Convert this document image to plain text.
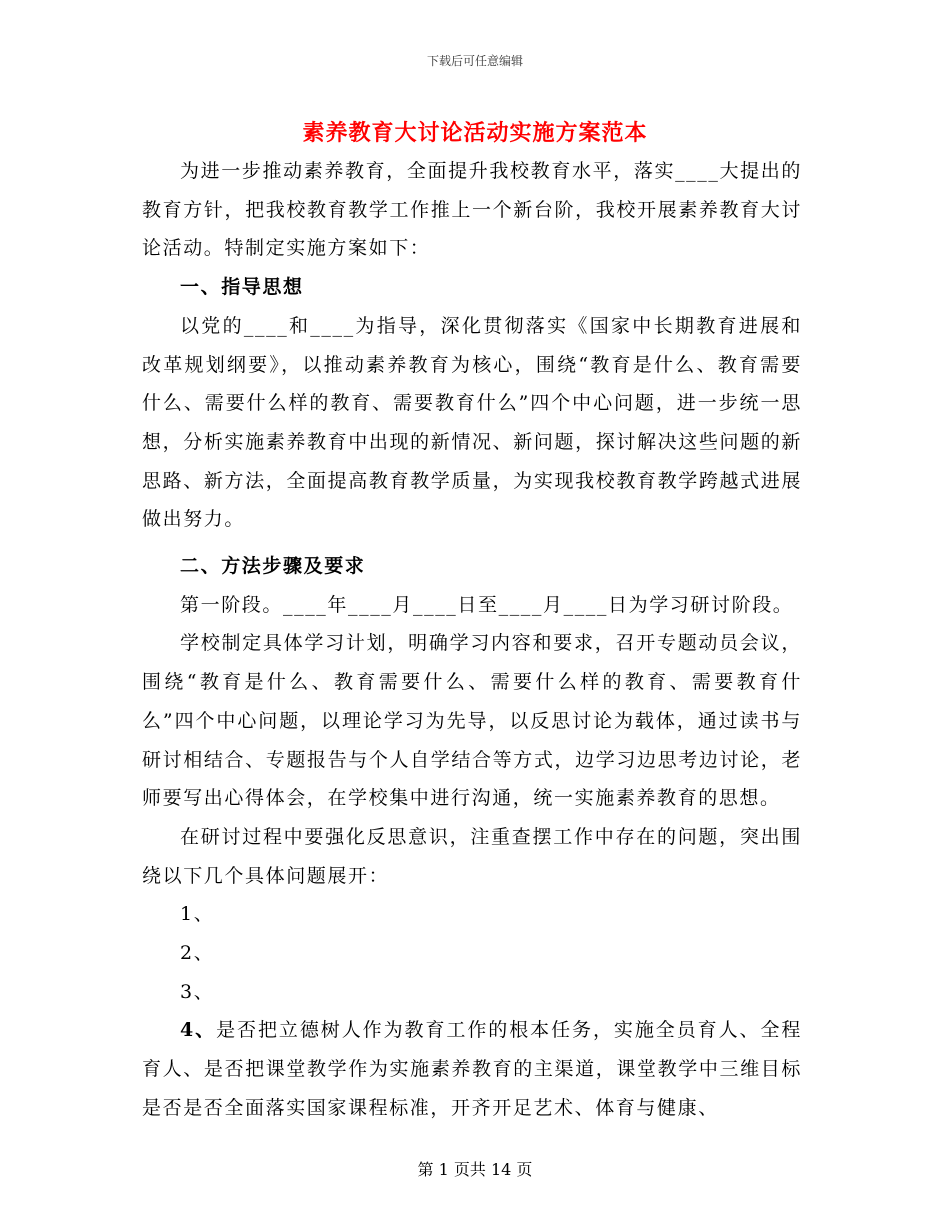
下载后可任意编辑
素养教育大讨论活动实施方案范本

为进一步推动素养教育，全面提升我校教育水平，落实____大提出的教育方针，把我校教育教学工作推上一个新台阶，我校开展素养教育大讨论活动。特制定实施方案如下：

一、指导思想

以党的____和____为指导，深化贯彻落实《国家中长期教育进展和改革规划纲要》，以推动素养教育为核心，围绕“教育是什么、教育需要什么、需要什么样的教育、需要教育什么”四个中心问题，进一步统一思想，分析实施素养教育中出现的新情况、新问题，探讨解决这些问题的新思路、新方法，全面提高教育教学质量，为实现我校教育教学跨越式进展做出努力。

二、方法步骤及要求

第一阶段。____年____月____日至____月____日为学习研讨阶段。

学校制定具体学习计划，明确学习内容和要求，召开专题动员会议，围绕“教育是什么、教育需要什么、需要什么样的教育、需要教育什么”四个中心问题，以理论学习为先导，以反思讨论为载体，通过读书与研讨相结合、专题报告与个人自学结合等方式，边学习边思考边讨论，老师要写出心得体会，在学校集中进行沟通，统一实施素养教育的思想。

在研讨过程中要强化反思意识，注重查摆工作中存在的问题，突出围绕以下几个具体问题展开：

1、

2、

3、

4、是否把立德树人作为教育工作的根本任务，实施全员育人、全程育人、是否把课堂教学作为实施素养教育的主渠道，课堂教学中三维目标是否是否全面落实国家课程标准，开齐开足艺术、体育与健康、

第 1 页共 14 页
